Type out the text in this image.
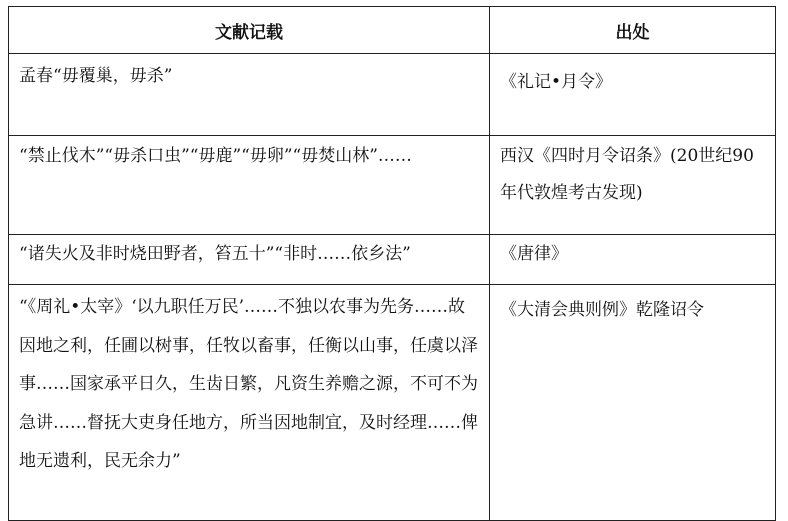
文献记载	出处

孟春“毋覆巢，毋杀”	《礼记•月令》

“禁止伐木”“毋杀口虫”“毋鹿”“毋卵”“毋焚山林”……	西汉《四时月令诏条》(20世纪90年代敦煌考古发现)

“诸失火及非时烧田野者，笞五十”“非时……依乡法”	《唐律》

“《周礼•太宰》‘以九职任万民’……不独以农事为先务……故因地之利，任圃以树事，任牧以畜事，任衡以山事，任虞以泽事……国家承平日久，生齿日繁，凡资生养赡之源，不可不为急讲……督抚大吏身任地方，所当因地制宜，及时经理……俾地无遗利，民无余力”	《大清会典则例》乾隆诏令
